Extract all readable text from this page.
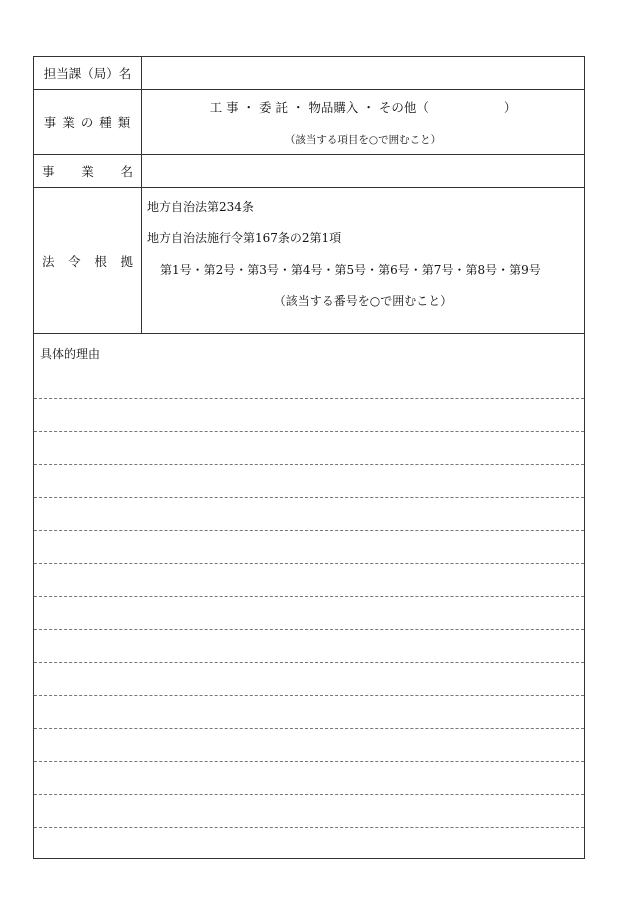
担当課（局）名
事 業 の 種 類
工 事 ・ 委 託 ・ 物品購入 ・ その他（　　　　　　）
（該当する項目を○で囲むこと）
事 業 名
法 令 根 拠
地方自治法第234条
地方自治法施行令第167条の2第1項
第1号・第2号・第3号・第4号・第5号・第6号・第7号・第8号・第9号
（該当する番号を○で囲むこと）
具体的理由
